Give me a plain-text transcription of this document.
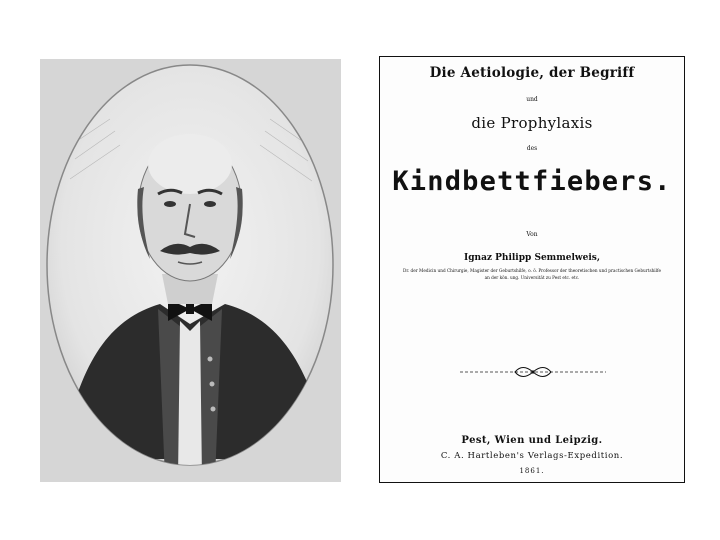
Die Aetiologie, der Begriff
und
die Prophylaxis
des
Kindbettfiebers.
Von
Ignaz Philipp Semmelweis,
Dr. der Medicin und Chirurgie, Magister der Geburtshilfe, o. ö. Professor der theoretischen und practischen Geburtshilfe an der kön. ung. Universität zu Pest etc. etc.
Pest, Wien und Leipzig.
C. A. Hartleben's Verlags-Expedition.
1861.
